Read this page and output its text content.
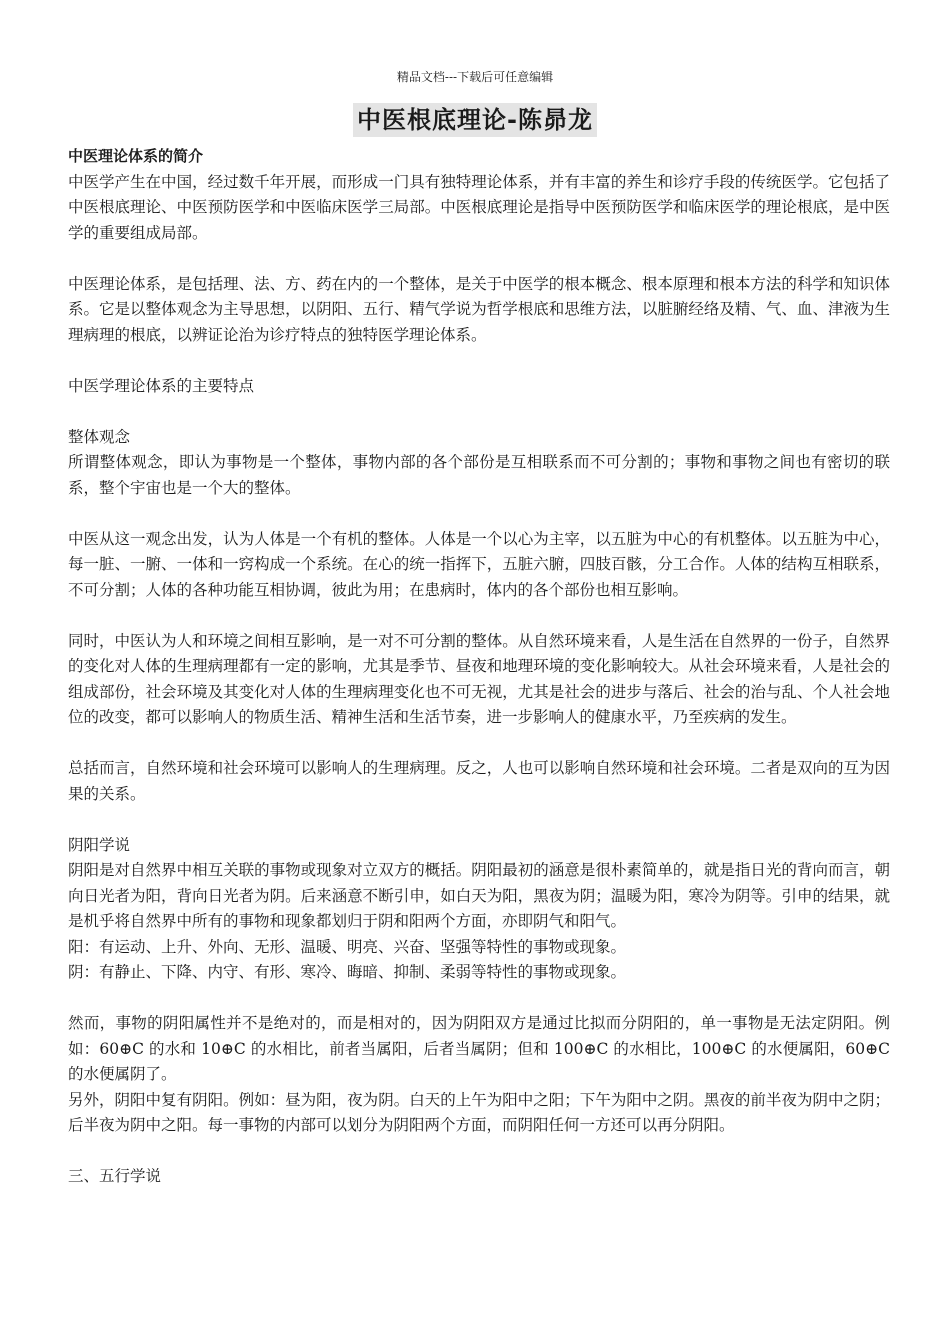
精品文档---下载后可任意编辑
中医根底理论-陈昴龙

中医理论体系的简介

中医学产生在中国，经过数千年开展，而形成一门具有独特理论体系，并有丰富的养生和诊疗手段的传统医学。它包括了中医根底理论、中医预防医学和中医临床医学三局部。中医根底理论是指导中医预防医学和临床医学的理论根底，是中医学的重要组成局部。

中医理论体系，是包括理、法、方、药在内的一个整体，是关于中医学的根本概念、根本原理和根本方法的科学和知识体系。它是以整体观念为主导思想，以阴阳、五行、精气学说为哲学根底和思维方法，以脏腑经络及精、气、血、津液为生理病理的根底，以辨证论治为诊疗特点的独特医学理论体系。

中医学理论体系的主要特点

整体观念

所谓整体观念，即认为事物是一个整体，事物内部的各个部份是互相联系而不可分割的；事物和事物之间也有密切的联系，整个宇宙也是一个大的整体。

中医从这一观念出发，认为人体是一个有机的整体。人体是一个以心为主宰，以五脏为中心的有机整体。以五脏为中心，每一脏、一腑、一体和一窍构成一个系统。在心的统一指挥下，五脏六腑，四肢百骸，分工合作。人体的结构互相联系，不可分割；人体的各种功能互相协调，彼此为用；在患病时，体内的各个部份也相互影响。

同时，中医认为人和环境之间相互影响，是一对不可分割的整体。从自然环境来看，人是生活在自然界的一份子，自然界的变化对人体的生理病理都有一定的影响，尤其是季节、昼夜和地理环境的变化影响较大。从社会环境来看，人是社会的组成部份，社会环境及其变化对人体的生理病理变化也不可无视，尤其是社会的进步与落后、社会的治与乱、个人社会地位的改变，都可以影响人的物质生活、精神生活和生活节奏，进一步影响人的健康水平，乃至疾病的发生。

总括而言，自然环境和社会环境可以影响人的生理病理。反之，人也可以影响自然环境和社会环境。二者是双向的互为因果的关系。

阴阳学说

阴阳是对自然界中相互关联的事物或现象对立双方的概括。阴阳最初的涵意是很朴素简单的，就是指日光的背向而言，朝向日光者为阳，背向日光者为阴。后来涵意不断引申，如白天为阳，黑夜为阴；温暖为阳，寒冷为阴等。引申的结果，就是机乎将自然界中所有的事物和现象都划归于阴和阳两个方面，亦即阴气和阳气。

阳：有运动、上升、外向、无形、温暖、明亮、兴奋、坚强等特性的事物或现象。

阴：有静止、下降、内守、有形、寒冷、晦暗、抑制、柔弱等特性的事物或现象。

然而，事物的阴阳属性并不是绝对的，而是相对的，因为阴阳双方是通过比拟而分阴阳的，单一事物是无法定阴阳。例如：60⊕C 的水和 10⊕C 的水相比，前者当属阳，后者当属阴；但和 100⊕C 的水相比，100⊕C 的水便属阳，60⊕C 的水便属阴了。

另外，阴阳中复有阴阳。例如：昼为阳，夜为阴。白天的上午为阳中之阳；下午为阳中之阴。黑夜的前半夜为阴中之阴；后半夜为阴中之阳。每一事物的内部可以划分为阴阳两个方面，而阴阳任何一方还可以再分阴阳。

三、五行学说
